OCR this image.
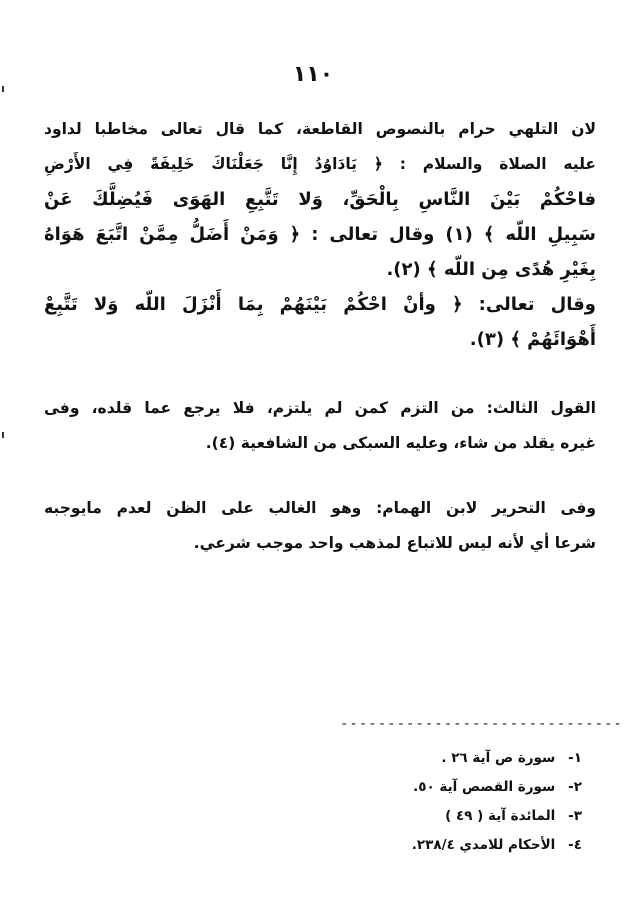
١١٠
لان التلهي حرام بالنصوص القاطعة، كما قال تعالى مخاطبا لداود
عليه الصلاة والسلام : ﴿ يَادَاوُدُ إِنَّا جَعَلْنَاكَ خَلِيفَةً فِي الأَرْضِ
فاحْكُمْ بَيْنَ النَّاسِ بِالْحَقِّ، وَلا تَتَّبِعِ الهَوَى فَيُضِلَّكَ عَنْ
سَبِيلِ اللّه ﴾ (١) وقال تعالى : ﴿ وَمَنْ أَضَلُّ مِمَّنْ اتَّبَعَ هَوَاهُ
بِغَيْرِ هُدًى مِن اللّه ﴾ (٢).
وقال تعالى: ﴿ وأنْ احْكُمْ بَيْنَهُمْ بِمَا أَنْزَلَ اللّه وَلا تَتَّبِعْ
أَهْوَائَهُمْ ﴾ (٣).
القول الثالث: من التزم كمن لم يلتزم، فلا يرجع عما قلده، وفى
غيره يقلد من شاء، وعليه السبكى من الشافعية (٤).
وفى التحرير لابن الهمام: وهو الغالب على الظن لعدم مايوجبه
شرعا أي لأنه ليس للاتباع لمذهب واحد موجب شرعي.
------------------------------
١- سورة ص آية ٢٦ .
٢- سورة القصص آية ٥٠.
٣- المائدة آية ( ٤٩ )
٤- الأحكام للامدي ٢٣٨/٤.
